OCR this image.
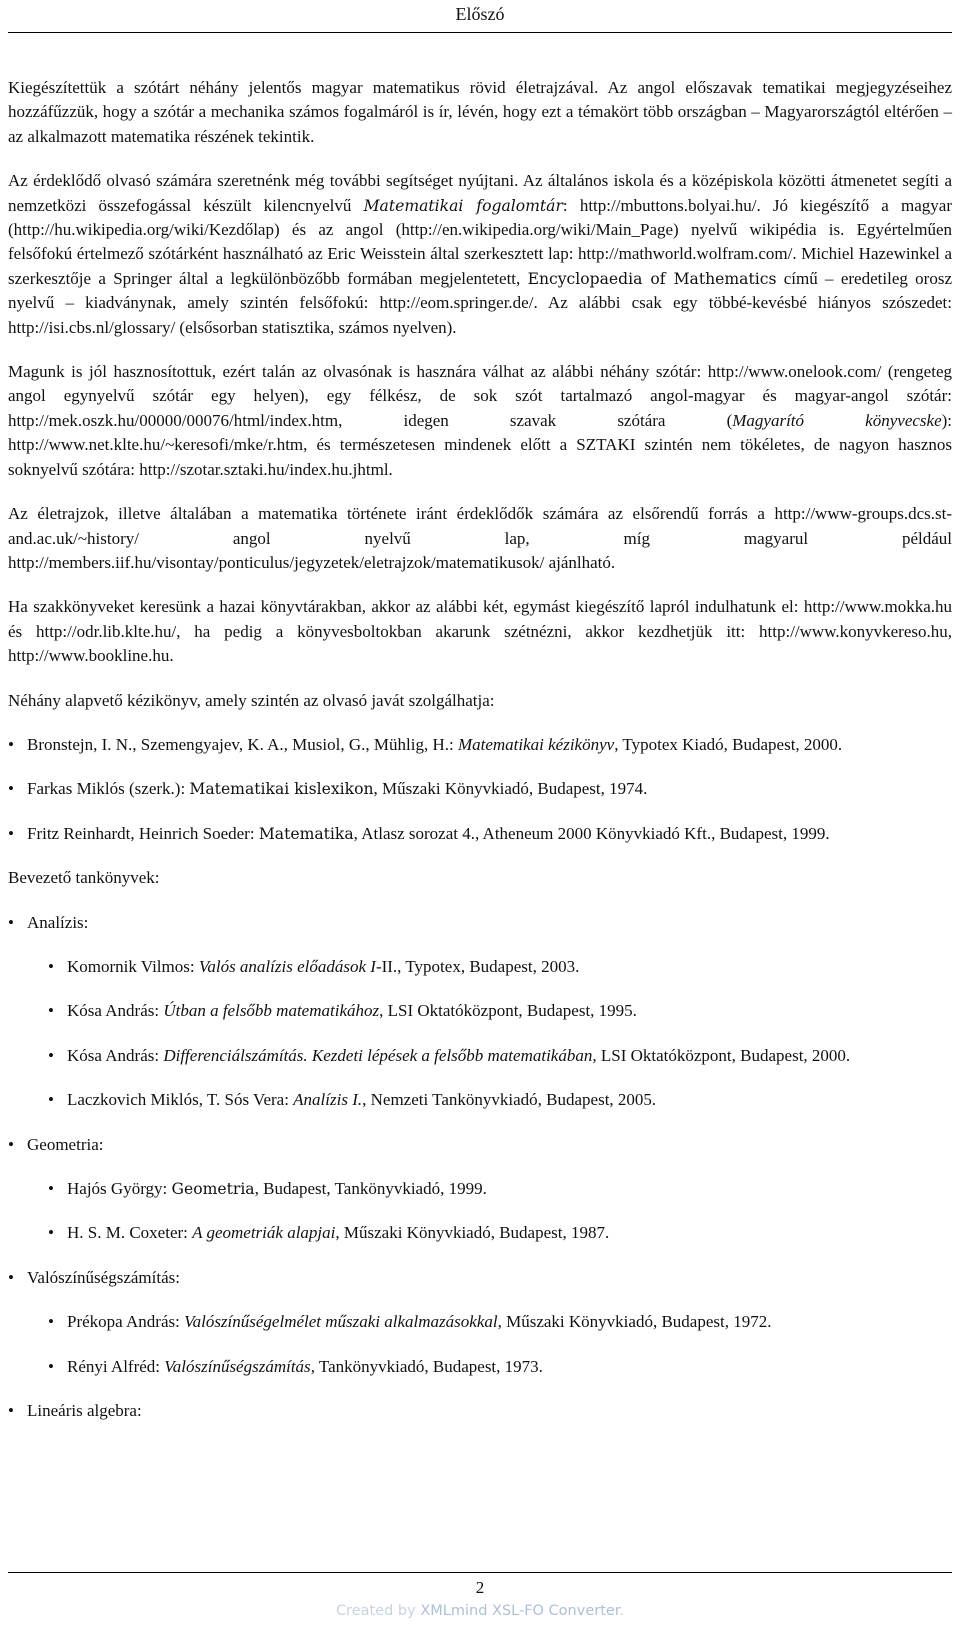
Előszó

Kiegészítettük a szótárt néhány jelentős magyar matematikus rövid életrajzával. Az angol előszavak tematikai megjegyzéseihez hozzáfűzzük, hogy a szótár a mechanika számos fogalmáról is ír, lévén, hogy ezt a témakört több országban – Magyarországtól eltérően – az alkalmazott matematika részének tekintik.

Az érdeklődő olvasó számára szeretnénk még további segítséget nyújtani. Az általános iskola és a középiskola közötti átmenetet segíti a nemzetközi összefogással készült kilencnyelvű Matematikai fogalomtár: http://mbuttons.bolyai.hu/. Jó kiegészítő a magyar (http://hu.wikipedia.org/wiki/Kezdőlap) és az angol (http://en.wikipedia.org/wiki/Main_Page) nyelvű wikipédia is. Egyértelműen felsőfokú értelmező szótárként használható az Eric Weisstein által szerkesztett lap: http://mathworld.wolfram.com/. Michiel Hazewinkel a szerkesztője a Springer által a legkülönbözőbb formában megjelentetett, Encyclopaedia of Mathematics című – eredetileg orosz nyelvű – kiadványnak, amely szintén felsőfokú: http://eom.springer.de/. Az alábbi csak egy többé-kevésbé hiányos szószedet: http://isi.cbs.nl/glossary/ (elsősorban statisztika, számos nyelven).

Magunk is jól hasznosítottuk, ezért talán az olvasónak is hasznára válhat az alábbi néhány szótár: http://www.onelook.com/ (rengeteg angol egynyelvű szótár egy helyen), egy félkész, de sok szót tartalmazó angol-magyar és magyar-angol szótár: http://mek.oszk.hu/00000/00076/html/index.htm, idegen szavak szótára (Magyarító könyvecske): http://www.net.klte.hu/~keresofi/mke/r.htm, és természetesen mindenek előtt a SZTAKI szintén nem tökéletes, de nagyon hasznos soknyelvű szótára: http://szotar.sztaki.hu/index.hu.jhtml.

Az életrajzok, illetve általában a matematika története iránt érdeklődők számára az elsőrendű forrás a http://www-groups.dcs.st-and.ac.uk/~history/ angol nyelvű lap, míg magyarul például http://members.iif.hu/visontay/ponticulus/jegyzetek/eletrajzok/matematikusok/ ajánlható.

Ha szakkönyveket keresünk a hazai könyvtárakban, akkor az alábbi két, egymást kiegészítő lapról indulhatunk el: http://www.mokka.hu és http://odr.lib.klte.hu/, ha pedig a könyvesboltokban akarunk szétnézni, akkor kezdhetjük itt: http://www.konyvkereso.hu, http://www.bookline.hu.

Néhány alapvető kézikönyv, amely szintén az olvasó javát szolgálhatja:

• Bronstejn, I. N., Szemengyajev, K. A., Musiol, G., Mühlig, H.: Matematikai kézikönyv, Typotex Kiadó, Budapest, 2000.
• Farkas Miklós (szerk.): Matematikai kislexikon, Műszaki Könyvkiadó, Budapest, 1974.
• Fritz Reinhardt, Heinrich Soeder: Matematika, Atlasz sorozat 4., Atheneum 2000 Könyvkiadó Kft., Budapest, 1999.

Bevezető tankönyvek:

• Analízis:
• Komornik Vilmos: Valós analízis előadások I-II., Typotex, Budapest, 2003.
• Kósa András: Útban a felsőbb matematikához, LSI Oktatóközpont, Budapest, 1995.
• Kósa András: Differenciálszámítás. Kezdeti lépések a felsőbb matematikában, LSI Oktatóközpont, Budapest, 2000.
• Laczkovich Miklós, T. Sós Vera: Analízis I., Nemzeti Tankönyvkiadó, Budapest, 2005.
• Geometria:
• Hajós György: Geometria, Budapest, Tankönyvkiadó, 1999.
• H. S. M. Coxeter: A geometriák alapjai, Műszaki Könyvkiadó, Budapest, 1987.
• Valószínűségszámítás:
• Prékopa András: Valószínűségelmélet műszaki alkalmazásokkal, Műszaki Könyvkiadó, Budapest, 1972.
• Rényi Alfréd: Valószínűségszámítás, Tankönyvkiadó, Budapest, 1973.
• Lineáris algebra:
2
Created by XMLmind XSL-FO Converter.
